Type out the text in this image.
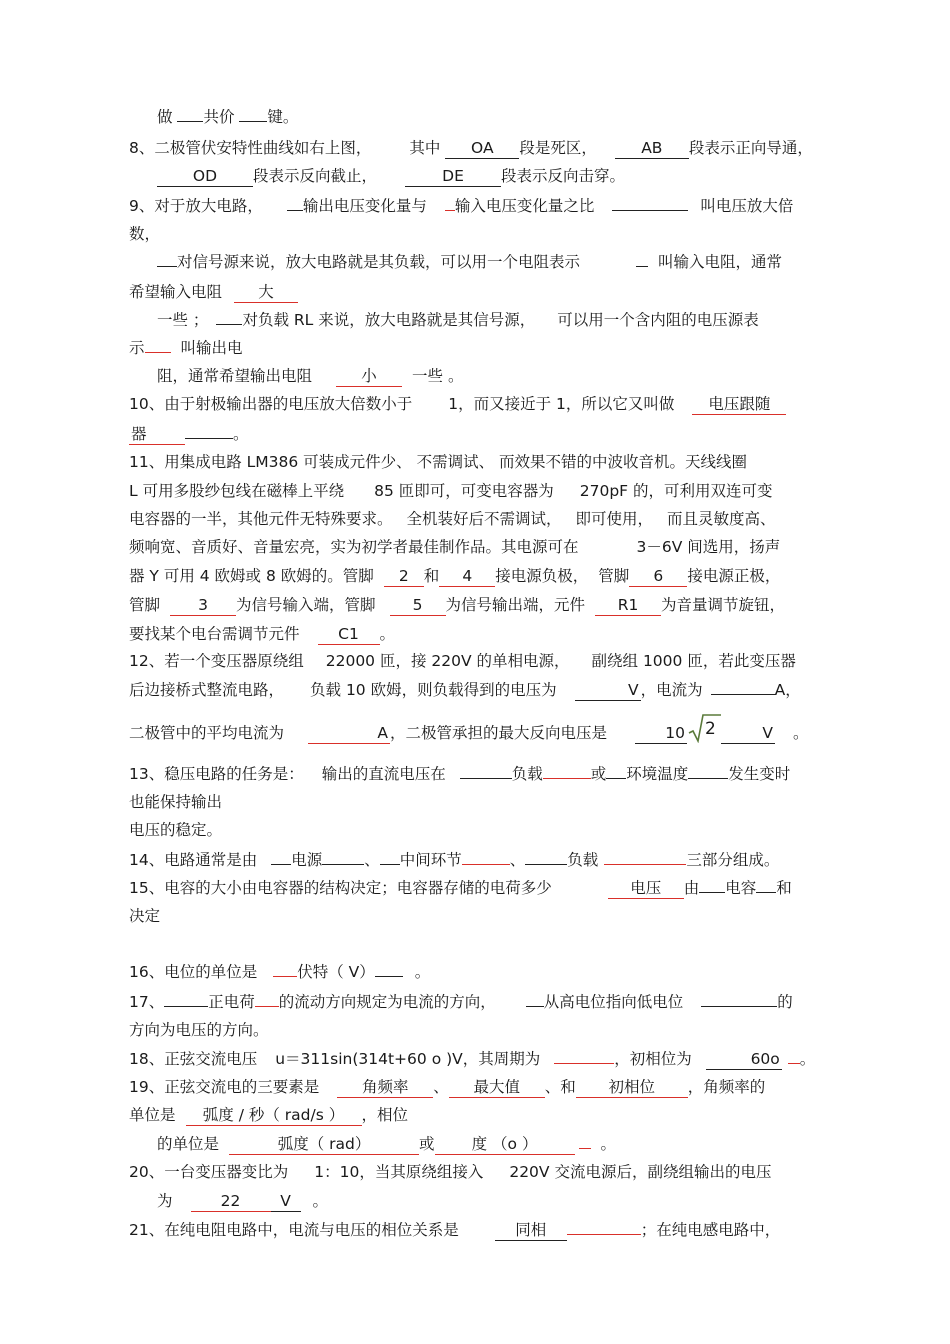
做 共价 键。
8、二极管伏安特性曲线如右上图， 其中 OA 段是死区，	AB 段表示正向导通，
OD 段表示反向截止，	DE 段表示反向击穿。
9、对于放大电路，	输出电压变化量与 输入电压变化量之比	叫电压放大倍
数，
对信号源来说，放大电路就是其负载，可以用一个电阻表示	叫输入电阻，通常
希望输入电阻 大
一些 ； 对负载 RL 来说，放大电路就是其信号源， 可以用一个含内阻的电压源表
示 叫输出电
阻，通常希望输出电阻	小 一些 。
10、由于射极输出器的电压放大倍数小于 1，而又接近于 1，所以它又叫做 电压跟随
器	。
11、用集成电路 LM386 可装成元件少、 不需调试、 而效果不错的中波收音机。天线线圈
L 可用多股纱包线在磁棒上平绕 85 匝即可，可变电容器为 270pF 的，可利用双连可变
电容器的一半，其他元件无特殊要求。 全机装好后不需调试， 即可使用， 而且灵敏度高、
频响宽、音质好、音量宏亮，实为初学者最佳制作品。其电源可在	3－6V 间选用，扬声
器 Y 可用 4 欧姆或 8 欧姆的。管脚 2 和 4 接电源负极， 管脚 6 接电源正极，
管脚 3 为信号输入端，管脚 5 为信号输出端，元件 R1 为音量调节旋钮，
要找某个电台需调节元件 C1 。
12、若一个变压器原绕组 22000 匝，接 220V 的单相电源， 副绕组 1000 匝，若此变压器
后边接桥式整流电路， 负载 10 欧姆，则负载得到的电压为	V ，电流为	A，
二极管中的平均电流为	A ，二极管承担的最大反向电压是	10 2	V 。
13、稳压电路的任务是： 输出的直流电压在	负载	或 环境温度	发生变时
也能保持输出
电压的稳定。
14、电路通常是由 电源	、 中间环节	、	负载	三部分组成。
15、电容的大小由电容器的结构决定；电容器存储的电荷多少	电压 由 电容 和
决定
16、电位的单位是	伏特（ V）	。
17、	正电荷 的流动方向规定为电流的方向，	从高电位指向低电位	的
方向为电压的方向。
18、正弦交流电压 u＝311sin(314t+60 o )V，其周期为	，初相位为	60o 。
19、正弦交流电的三要素是	角频率 、 最大值 、和 初相位 ，角频率的
单位是 弧度 / 秒（ rad/s ） ，相位
的单位是	弧度（ rad）	或 度 （o ）	。
20、一台变压器变比为 1：10，当其原绕组接入 220V 交流电源后，副绕组输出的电压
为	22	V 。
21、在纯电阻电路中，电流与电压的相位关系是	同相	；在纯电感电路中，
